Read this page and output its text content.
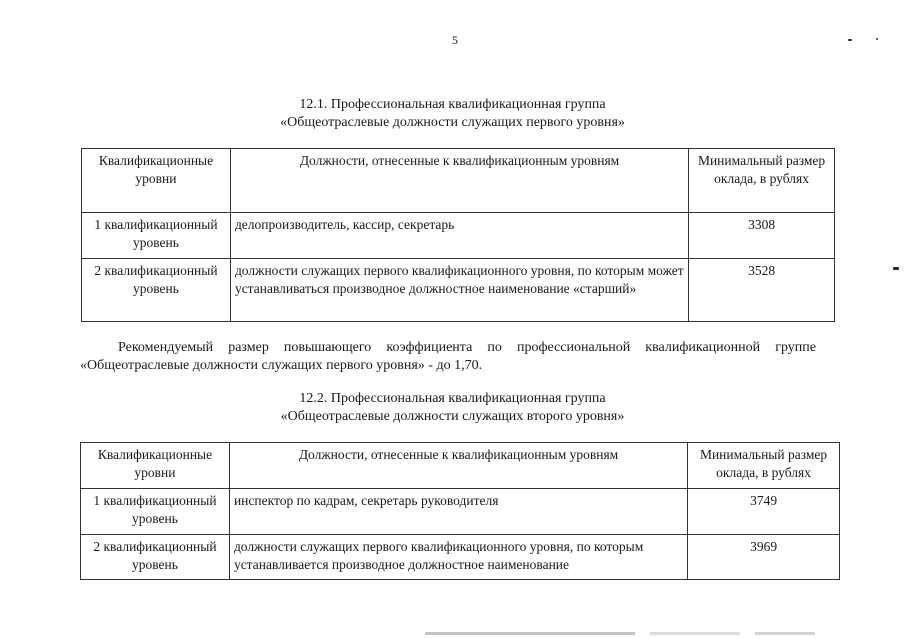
5
12.1. Профессиональная квалификационная группа
«Общеотраслевые должности служащих первого уровня»
Квалификационные уровни	Должности, отнесенные к квалификационным уровням	Минимальный размер оклада, в рублях
1 квалификационный уровень	делопроизводитель, кассир, секретарь	3308
2 квалификационный уровень	должности служащих первого квалификационного уровня, по которым может устанавливаться производное должностное наименование «старший»	3528
Рекомендуемый размер повышающего коэффициента по профессиональной квалификационной группе «Общеотраслевые должности служащих первого уровня» - до 1,70.
12.2. Профессиональная квалификационная группа
«Общеотраслевые должности служащих второго уровня»
Квалификационные уровни	Должности, отнесенные к квалификационным уровням	Минимальный размер оклада, в рублях
1 квалификационный уровень	инспектор по кадрам, секретарь руководителя	3749
2 квалификационный уровень	должности служащих первого квалификационного уровня, по которым устанавливается производное должностное наименование	3969
